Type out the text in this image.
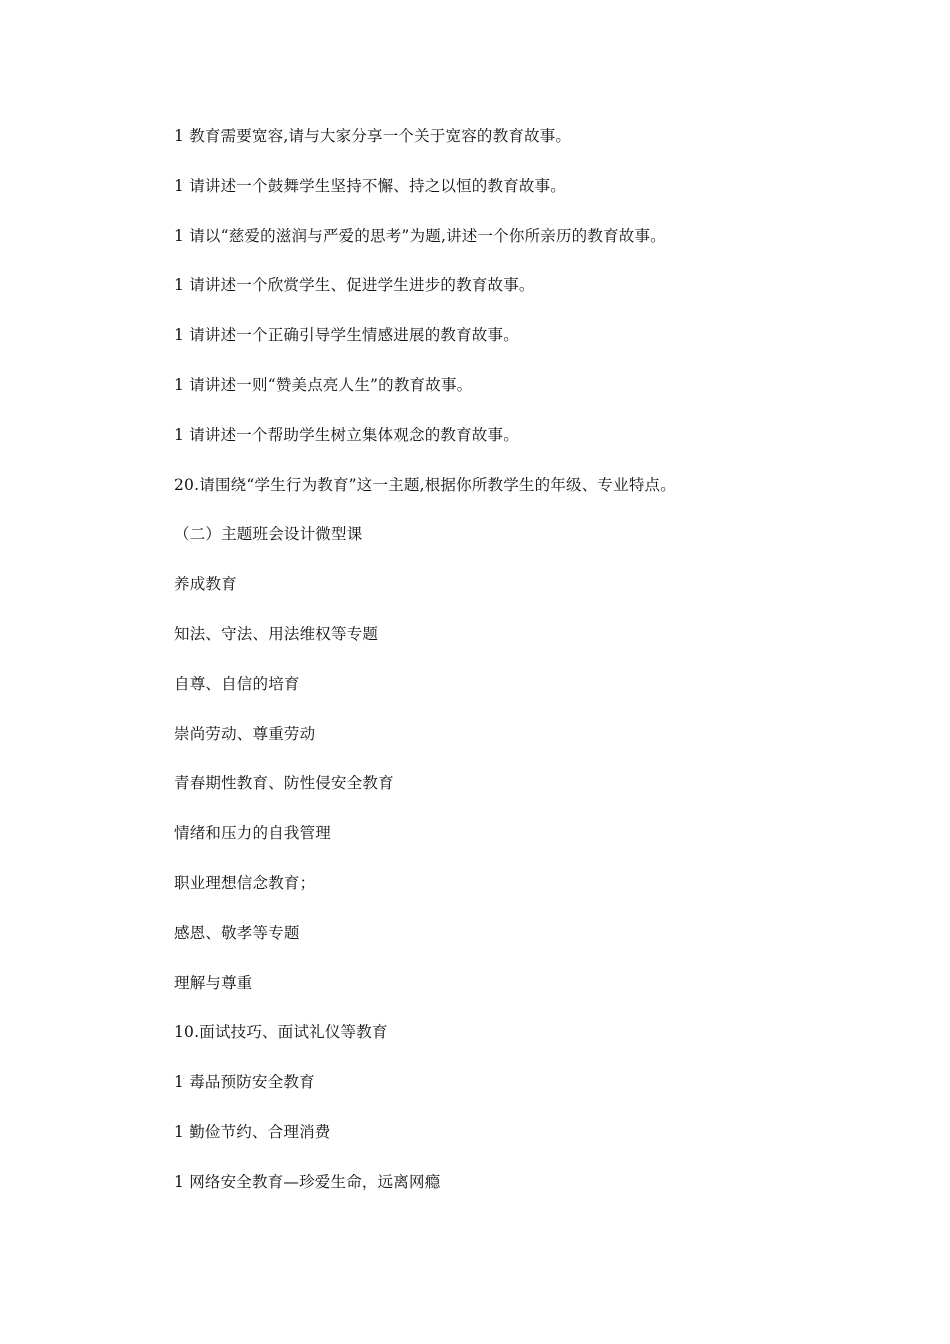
1 教育需要宽容,请与大家分享一个关于宽容的教育故事。
1 请讲述一个鼓舞学生坚持不懈、持之以恒的教育故事。
1 请以“慈爱的滋润与严爱的思考”为题,讲述一个你所亲历的教育故事。
1 请讲述一个欣赏学生、促进学生进步的教育故事。
1 请讲述一个正确引导学生情感进展的教育故事。
1 请讲述一则“赞美点亮人生”的教育故事。
1 请讲述一个帮助学生树立集体观念的教育故事。
20.请围绕“学生行为教育”这一主题,根据你所教学生的年级、专业特点。
（二）主题班会设计微型课
养成教育
知法、守法、用法维权等专题
自尊、自信的培育
崇尚劳动、尊重劳动
青春期性教育、防性侵安全教育
情绪和压力的自我管理
职业理想信念教育；
感恩、敬孝等专题
理解与尊重
10.面试技巧、面试礼仪等教育
1 毒品预防安全教育
1 勤俭节约、合理消费
1 网络安全教育—珍爱生命，远离网瘾
